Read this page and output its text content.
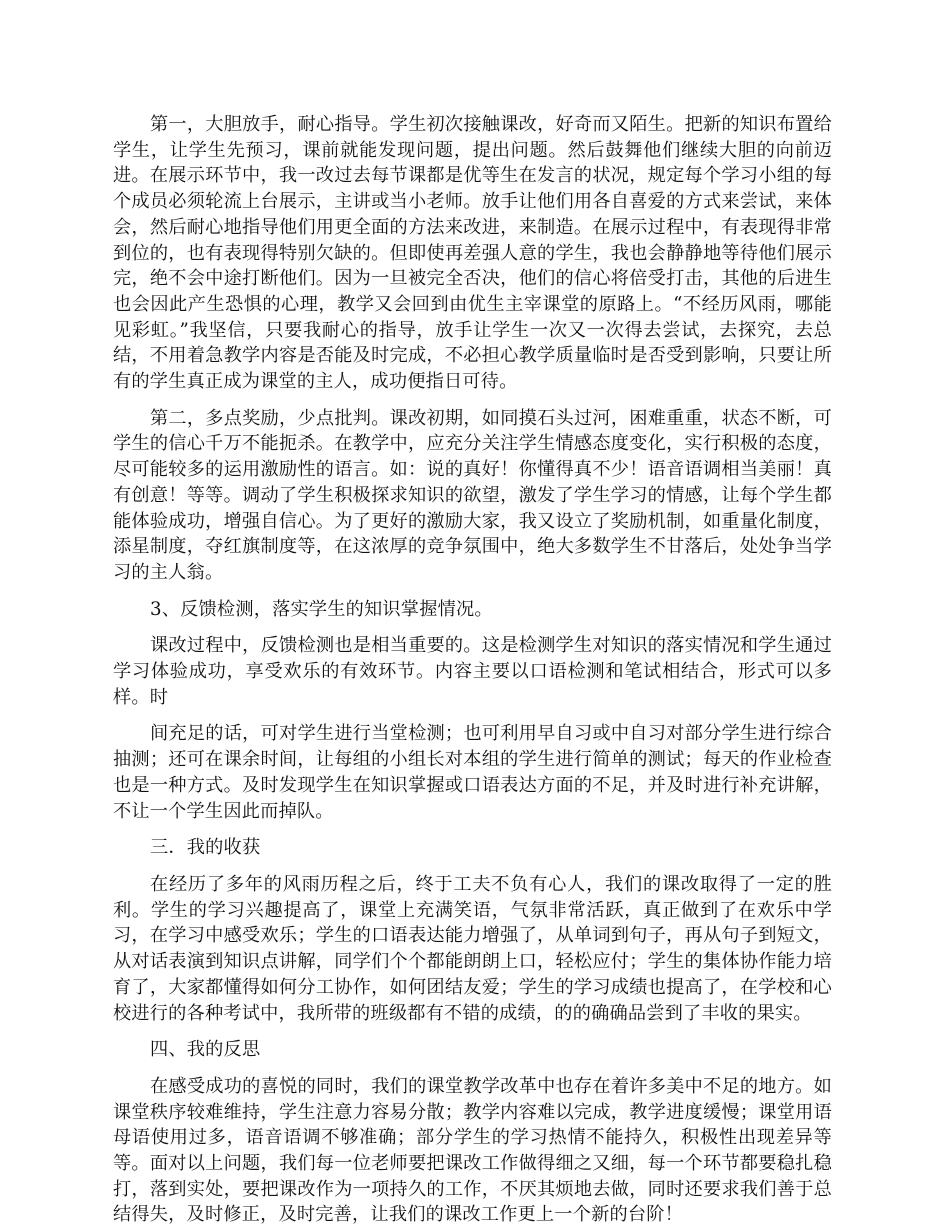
第一，大胆放手，耐心指导。学生初次接触课改，好奇而又陌生。把新的知识布置给学生，让学生先预习，课前就能发现问题，提出问题。然后鼓舞他们继续大胆的向前迈进。在展示环节中，我一改过去每节课都是优等生在发言的状况，规定每个学习小组的每个成员必须轮流上台展示，主讲或当小老师。放手让他们用各自喜爱的方式来尝试，来体会，然后耐心地指导他们用更全面的方法来改进，来制造。在展示过程中，有表现得非常到位的，也有表现得特别欠缺的。但即使再差强人意的学生，我也会静静地等待他们展示完，绝不会中途打断他们。因为一旦被完全否决，他们的信心将倍受打击，其他的后进生也会因此产生恐惧的心理，教学又会回到由优生主宰课堂的原路上。“不经历风雨，哪能见彩虹。”我坚信，只要我耐心的指导，放手让学生一次又一次得去尝试，去探究，去总结，不用着急教学内容是否能及时完成，不必担心教学质量临时是否受到影响，只要让所有的学生真正成为课堂的主人，成功便指日可待。

第二，多点奖励，少点批判。课改初期，如同摸石头过河，困难重重，状态不断，可学生的信心千万不能扼杀。在教学中，应充分关注学生情感态度变化，实行积极的态度，尽可能较多的运用激励性的语言。如：说的真好！你懂得真不少！语音语调相当美丽！真有创意！等等。调动了学生积极探求知识的欲望，激发了学生学习的情感，让每个学生都能体验成功，增强自信心。为了更好的激励大家，我又设立了奖励机制，如重量化制度，添星制度，夺红旗制度等，在这浓厚的竞争氛围中，绝大多数学生不甘落后，处处争当学习的主人翁。

3、反馈检测，落实学生的知识掌握情况。

课改过程中，反馈检测也是相当重要的。这是检测学生对知识的落实情况和学生通过学习体验成功，享受欢乐的有效环节。内容主要以口语检测和笔试相结合，形式可以多样。时

间充足的话，可对学生进行当堂检测；也可利用早自习或中自习对部分学生进行综合抽测；还可在课余时间，让每组的小组长对本组的学生进行简单的测试；每天的作业检查也是一种方式。及时发现学生在知识掌握或口语表达方面的不足，并及时进行补充讲解，不让一个学生因此而掉队。

三．我的收获

在经历了多年的风雨历程之后，终于工夫不负有心人，我们的课改取得了一定的胜利。学生的学习兴趣提高了，课堂上充满笑语，气氛非常活跃，真正做到了在欢乐中学习，在学习中感受欢乐；学生的口语表达能力增强了，从单词到句子，再从句子到短文，从对话表演到知识点讲解，同学们个个都能朗朗上口，轻松应付；学生的集体协作能力培育了，大家都懂得如何分工协作，如何团结友爱；学生的学习成绩也提高了，在学校和心校进行的各种考试中，我所带的班级都有不错的成绩，的的确确品尝到了丰收的果实。

四、我的反思

在感受成功的喜悦的同时，我们的课堂教学改革中也存在着许多美中不足的地方。如课堂秩序较难维持，学生注意力容易分散；教学内容难以完成，教学进度缓慢；课堂用语母语使用过多，语音语调不够准确；部分学生的学习热情不能持久，积极性出现差异等等。面对以上问题，我们每一位老师要把课改工作做得细之又细，每一个环节都要稳扎稳打，落到实处，要把课改作为一项持久的工作，不厌其烦地去做，同时还要求我们善于总结得失，及时修正，及时完善，让我们的课改工作更上一个新的台阶！
